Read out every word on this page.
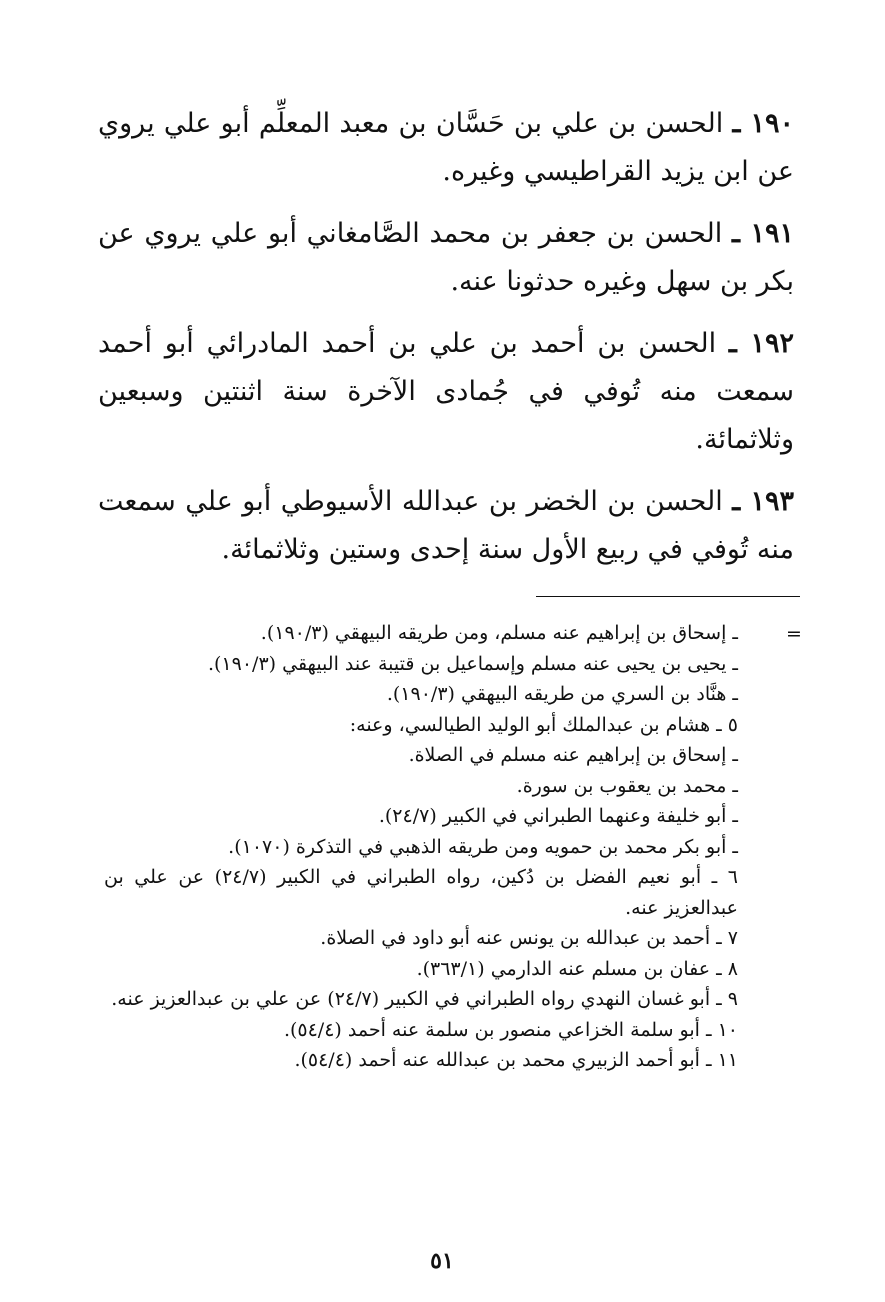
١٩٠ ـ الحسن بن علي بن حَسَّان بن معبد المعلِّم أبو علي يروي عن ابن يزيد القراطيسي وغيره.

١٩١ ـ الحسن بن جعفر بن محمد الصَّامغاني أبو علي يروي عن بكر بن سهل وغيره حدثونا عنه.

١٩٢ ـ الحسن بن أحمد بن علي بن أحمد المادرائي أبو أحمد سمعت منه تُوفي في جُمادى الآخرة سنة اثنتين وسبعين وثلاثمائة.

١٩٣ ـ الحسن بن الخضر بن عبدالله الأسيوطي أبو علي سمعت منه تُوفي في ربيع الأول سنة إحدى وستين وثلاثمائة.

=

ـ إسحاق بن إبراهيم عنه مسلم، ومن طريقه البيهقي (١٩٠/٣).

ـ يحيى بن يحيى عنه مسلم وإسماعيل بن قتيبة عند البيهقي (١٩٠/٣).

ـ هنَّاد بن السري من طريقه البيهقي (١٩٠/٣).

٥ ـ هشام بن عبدالملك أبو الوليد الطيالسي، وعنه:

ـ إسحاق بن إبراهيم عنه مسلم في الصلاة.

ـ محمد بن يعقوب بن سورة.

ـ أبو خليفة وعنهما الطبراني في الكبير (٢٤/٧).

ـ أبو بكر محمد بن حمويه ومن طريقه الذهبي في التذكرة (١٠٧٠).

٦ ـ أبو نعيم الفضل بن دُكين، رواه الطبراني في الكبير (٢٤/٧) عن علي بن عبدالعزيز عنه.

٧ ـ أحمد بن عبدالله بن يونس عنه أبو داود في الصلاة.

٨ ـ عفان بن مسلم عنه الدارمي (٣٦٣/١).

٩ ـ أبو غسان النهدي رواه الطبراني في الكبير (٢٤/٧) عن علي بن عبدالعزيز عنه.

١٠ ـ أبو سلمة الخزاعي منصور بن سلمة عنه أحمد (٥٤/٤).

١١ ـ أبو أحمد الزبيري محمد بن عبدالله عنه أحمد (٥٤/٤).

٥١
